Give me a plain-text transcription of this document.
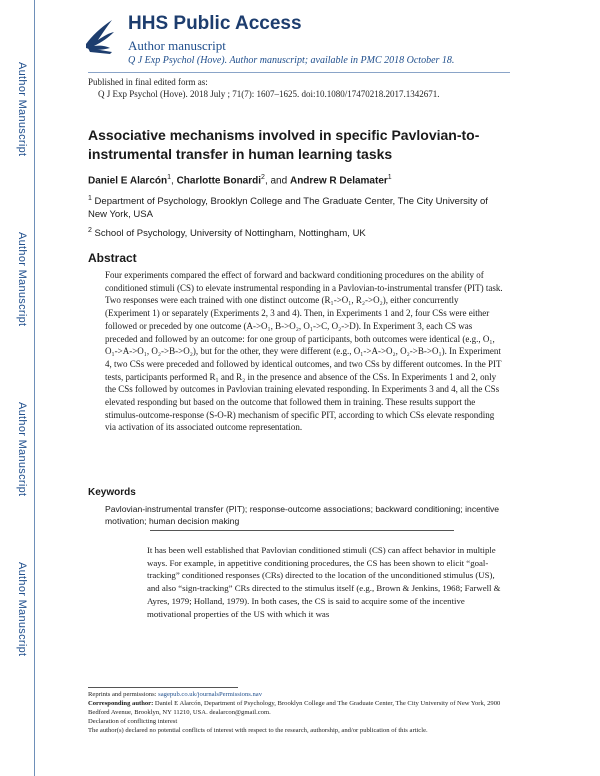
Author Manuscript
Author Manuscript
Author Manuscript
Author Manuscript
HHS Public Access
Author manuscript
Q J Exp Psychol (Hove). Author manuscript; available in PMC 2018 October 18.
Published in final edited form as:
Q J Exp Psychol (Hove). 2018 July ; 71(7): 1607–1625. doi:10.1080/17470218.2017.1342671.
Associative mechanisms involved in specific Pavlovian-to-instrumental transfer in human learning tasks
Daniel E Alarcón$^1$, Charlotte Bonardi$^2$, and Andrew R Delamater$^1$
$^1$ Department of Psychology, Brooklyn College and The Graduate Center, The City University of New York, USA
$^2$ School of Psychology, University of Nottingham, Nottingham, UK
Abstract
Four experiments compared the effect of forward and backward conditioning procedures on the ability of conditioned stimuli (CS) to elevate instrumental responding in a Pavlovian-to-instrumental transfer (PIT) task. Two responses were each trained with one distinct outcome (R₁->O₁, R₂->O₂), either concurrently (Experiment 1) or separately (Experiments 2, 3 and 4). Then, in Experiments 1 and 2, four CSs were either followed or preceded by one outcome (A->O₁, B->O₂, O₁->C, O₂->D). In Experiment 3, each CS was preceded and followed by an outcome: for one group of participants, both outcomes were identical (e.g., O₁, O₁->A->O₁, O₂->B->O₂), but for the other, they were different (e.g., O₁->A->O₂, O₂->B->O₁). In Experiment 4, two CSs were preceded and followed by identical outcomes, and two CSs by different outcomes. In the PIT tests, participants performed R₁ and R₂ in the presence and absence of the CSs. In Experiments 1 and 2, only the CSs followed by outcomes in Pavlovian training elevated responding. In Experiments 3 and 4, all the CSs elevated responding but based on the outcome that followed them in training. These results support the stimulus-outcome-response (S-O-R) mechanism of specific PIT, according to which CSs elevate responding via activation of its associated outcome representation.
Keywords
Pavlovian-instrumental transfer (PIT); response-outcome associations; backward conditioning; incentive motivation; human decision making
It has been well established that Pavlovian conditioned stimuli (CS) can affect behavior in multiple ways. For example, in appetitive conditioning procedures, the CS has been shown to elicit “goal-tracking” conditioned responses (CRs) directed to the location of the unconditioned stimulus (US), and also “sign-tracking” CRs directed to the stimulus itself (e.g., Brown & Jenkins, 1968; Farwell & Ayres, 1979; Holland, 1979). In both cases, the CS is said to acquire some of the incentive motivational properties of the US with which it was
Reprints and permissions: sagepub.co.uk/journalsPermissions.nav
Corresponding author: Daniel E Alarcón, Department of Psychology, Brooklyn College and The Graduate Center, The City University of New York, 2900 Bedford Avenue, Brooklyn, NY 11210, USA. dealarcon@gmail.com.
Declaration of conflicting interest
The author(s) declared no potential conflicts of interest with respect to the research, authorship, and/or publication of this article.
